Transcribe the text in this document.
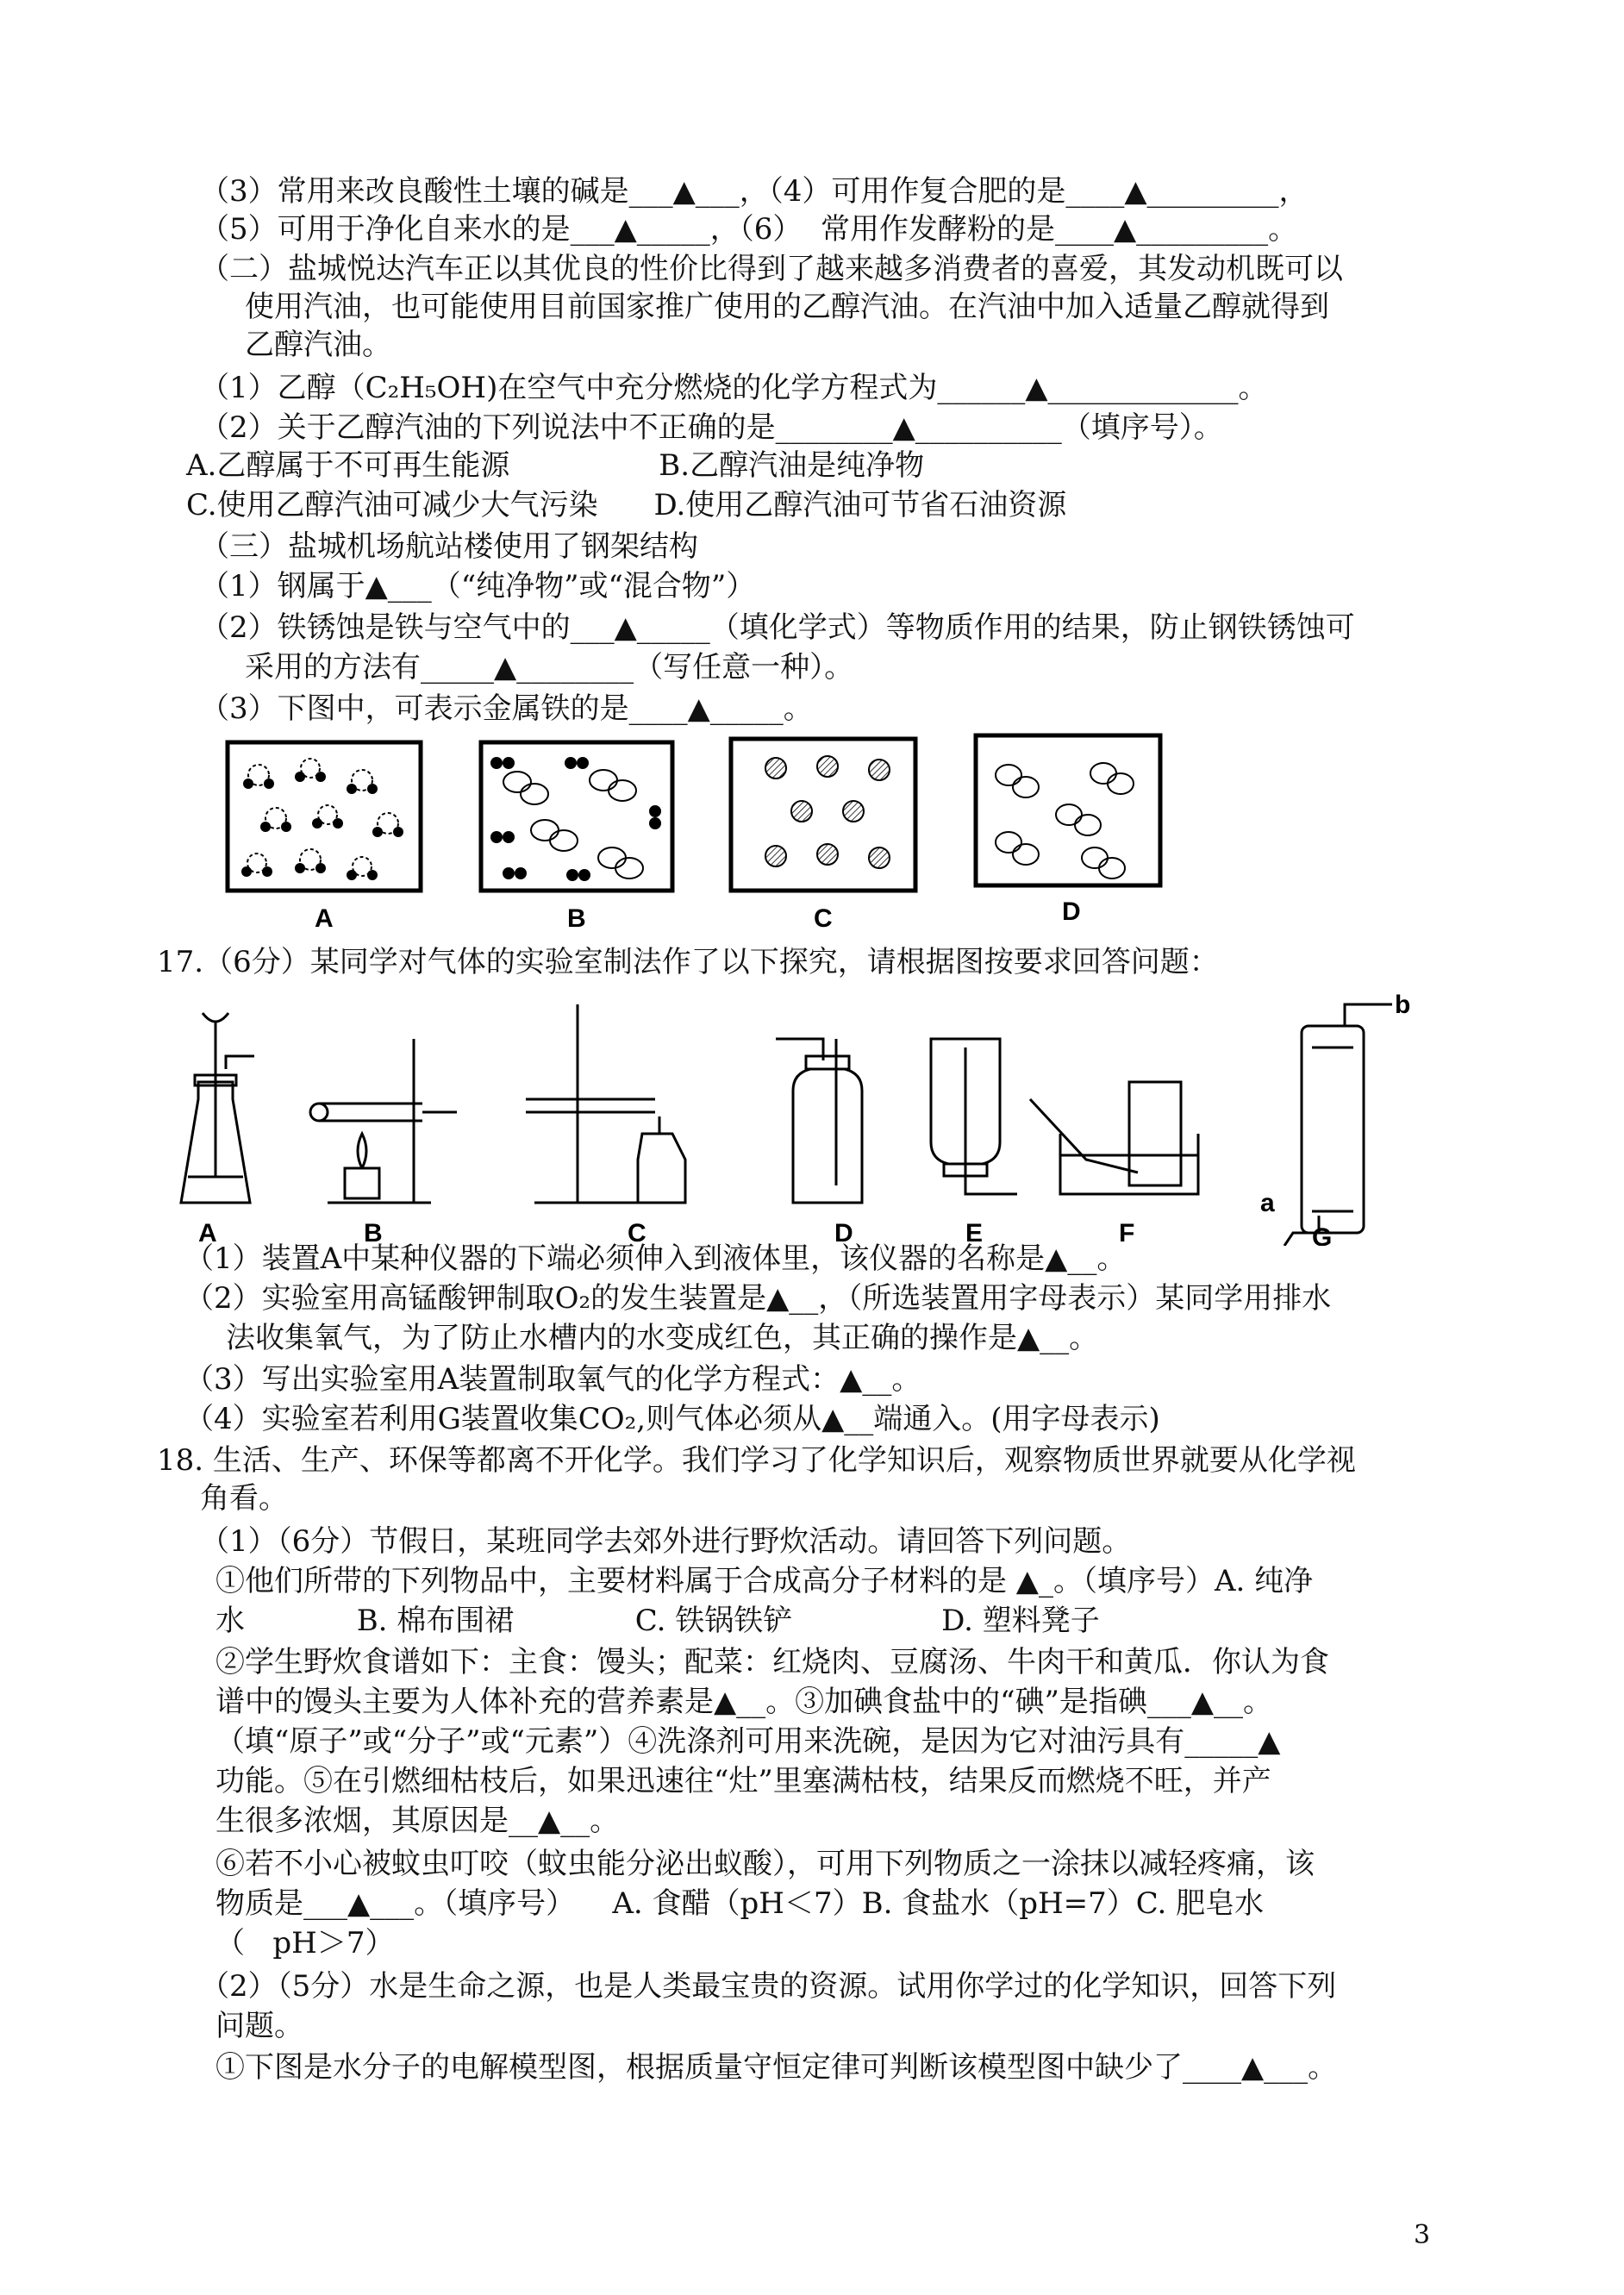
（3）常用来改良酸性土壤的碱是___▲___，（4）可用作复合肥的是____▲_________，
（5）可用于净化自来水的是___▲_____，（6）  常用作发酵粉的是____▲_________。
（二）盐城悦达汽车正以其优良的性价比得到了越来越多消费者的喜爱，其发动机既可以
使用汽油，也可能使用目前国家推广使用的乙醇汽油。在汽油中加入适量乙醇就得到
乙醇汽油。
（1）乙醇（C₂H₅OH)在空气中充分燃烧的化学方程式为______▲_____________。
（2）关于乙醇汽油的下列说法中不正确的是________▲__________（填序号）。
A.乙醇属于不可再生能源                B.乙醇汽油是纯净物
C.使用乙醇汽油可减少大气污染      D.使用乙醇汽油可节省石油资源
（三）盐城机场航站楼使用了钢架结构
（1）钢属于▲___（“纯净物”或“混合物”）
（2）铁锈蚀是铁与空气中的___▲_____（填化学式）等物质作用的结果，防止钢铁锈蚀可
采用的方法有_____▲________（写任意一种）。
（3）下图中，可表示金属铁的是____▲_____。
17.（6分）某同学对气体的实验室制法作了以下探究，请根据图按要求回答问题：
（1）装置A中某种仪器的下端必须伸入到液体里，该仪器的名称是▲__。
（2）实验室用高锰酸钾制取O₂的发生装置是▲__，（所选装置用字母表示）某同学用排水
法收集氧气，为了防止水槽内的水变成红色，其正确的操作是▲__。
（3）写出实验室用A装置制取氧气的化学方程式：▲__。
（4）实验室若利用G装置收集CO₂,则气体必须从▲__端通入。(用字母表示)
18. 生活、生产、环保等都离不开化学。我们学习了化学知识后，观察物质世界就要从化学视
角看。
（1）（6分）节假日，某班同学去郊外进行野炊活动。请回答下列问题。
①他们所带的下列物品中，主要材料属于合成高分子材料的是 ▲_。（填序号）A. 纯净
水            B. 棉布围裙             C. 铁锅铁铲                D. 塑料凳子
②学生野炊食谱如下：主食：馒头；配菜：红烧肉、豆腐汤、牛肉干和黄瓜．你认为食
谱中的馒头主要为人体补充的营养素是▲__。③加碘食盐中的“碘”是指碘___▲__。
（填“原子”或“分子”或“元素”）④洗涤剂可用来洗碗，是因为它对油污具有_____▲
功能。⑤在引燃细枯枝后，如果迅速往“灶”里塞满枯枝，结果反而燃烧不旺，并产
生很多浓烟，其原因是__▲__。
⑥若不小心被蚊虫叮咬（蚊虫能分泌出蚁酸），可用下列物质之一涂抹以减轻疼痛，该
物质是___▲___。（填序号）    A. 食醋（pH＜7）B. 食盐水（pH=7）C. 肥皂水
（   pH＞7）
（2）（5分）水是生命之源，也是人类最宝贵的资源。试用你学过的化学知识，回答下列
问题。
①下图是水分子的电解模型图，根据质量守恒定律可判断该模型图中缺少了____▲___。
A	B	C	D
A	B	C	D	E	F	G
b
a
3
